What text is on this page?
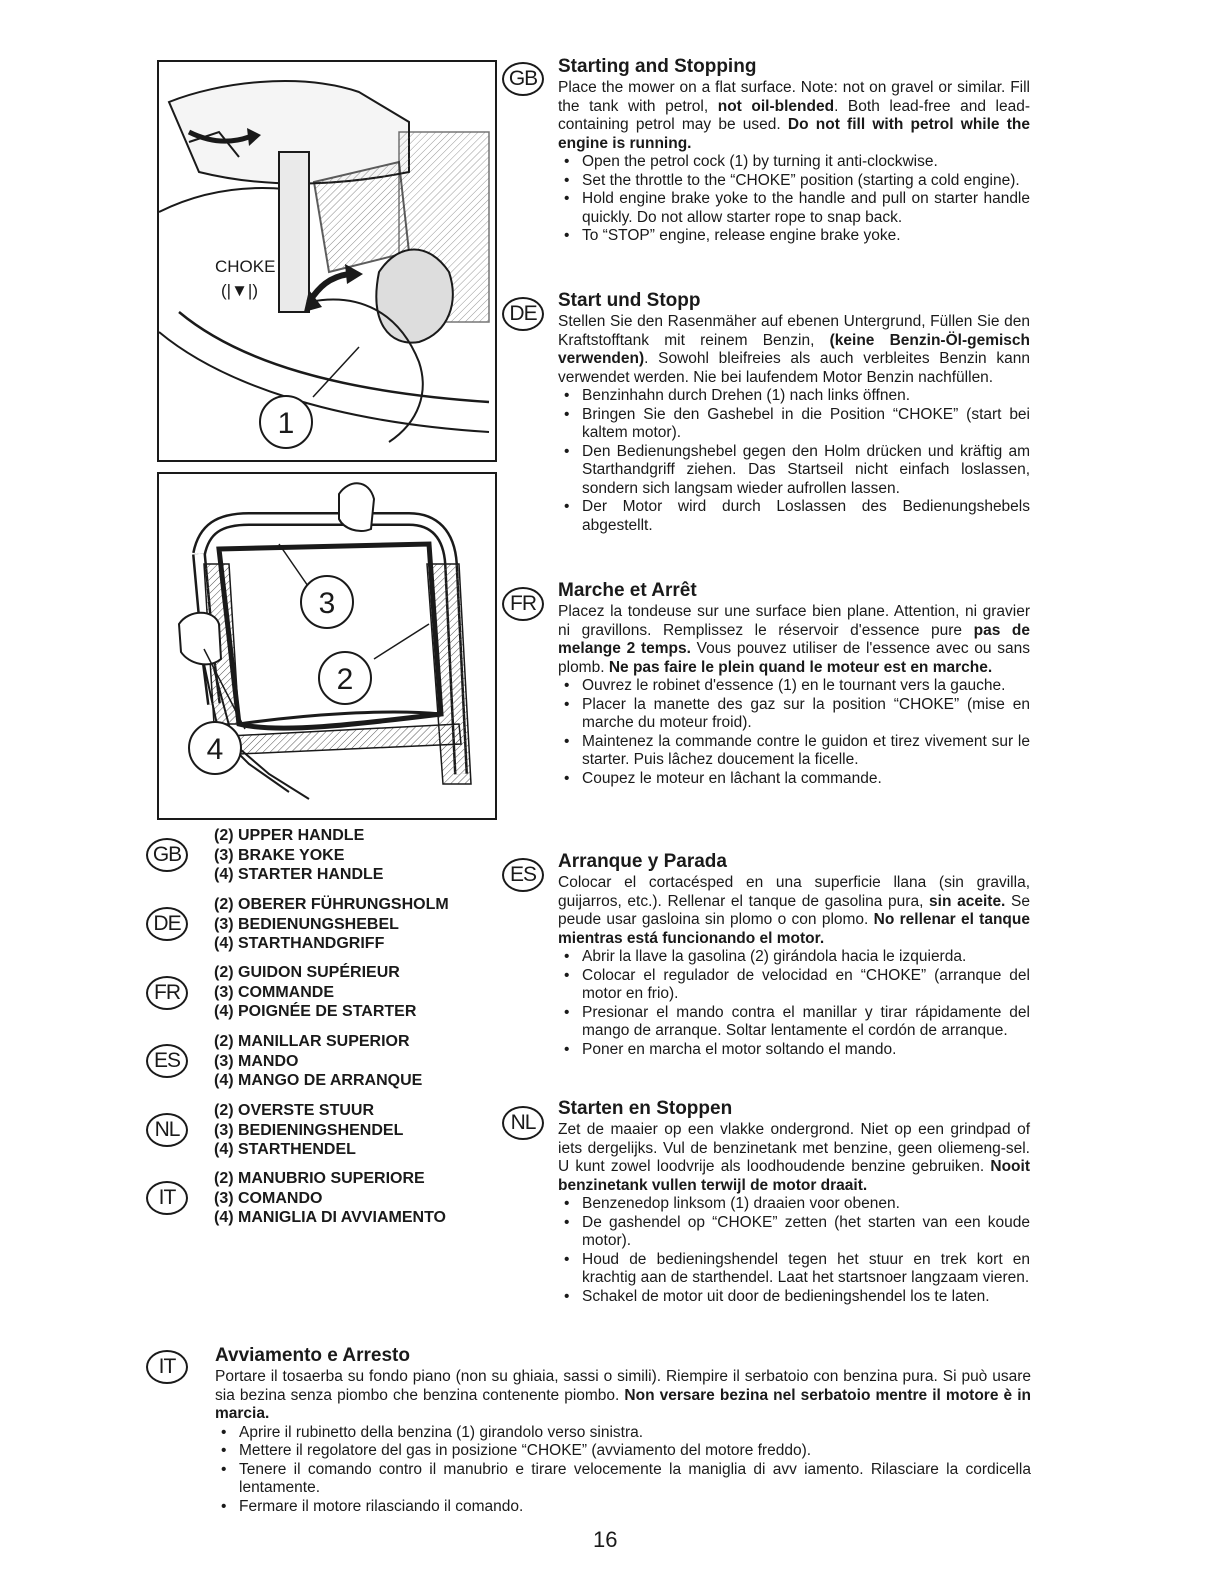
1
CHOKE
(|▼|)
3
2
4
GB
(2) UPPER HANDLE
(3) BRAKE YOKE
(4) STARTER HANDLE
DE
(2) OBERER FÜHRUNGSHOLM
(3) BEDIENUNGSHEBEL
(4) STARTHANDGRIFF
FR
(2) GUIDON SUPÉRIEUR
(3) COMMANDE
(4) POIGNÉE DE STARTER
ES
(2) MANILLAR SUPERIOR
(3) MANDO
(4) MANGO DE ARRANQUE
NL
(2) OVERSTE STUUR
(3) BEDIENINGSHENDEL
(4) STARTHENDEL
IT
(2) MANUBRIO SUPERIORE
(3) COMANDO
(4) MANIGLIA DI AVVIAMENTO
GB
Starting and Stopping

Place the mower on a flat surface. Note: not on gravel or similar. Fill the tank with petrol, not oil-blended. Both lead-free and lead-containing petrol may be used. Do not fill with petrol while the engine is running.

• Open the petrol cock (1) by turning it anti-clockwise.
• Set the throttle to the “CHOKE” position (starting a cold engine).
• Hold engine brake yoke to the handle and pull on starter handle quickly. Do not allow starter rope to snap back.
• To “STOP” engine, release engine brake yoke.
DE
Start und Stopp

Stellen Sie den Rasenmäher auf ebenen Untergrund, Füllen Sie den Kraftstofftank mit reinem Benzin, (keine Benzin-Öl-gemisch verwenden). Sowohl bleifreies als auch verbleites Benzin kann verwendet werden. Nie bei laufendem Motor Benzin nachfüllen.

• Benzinhahn durch Drehen (1) nach links öffnen.
• Bringen Sie den Gashebel in die Position “CHOKE” (start bei kaltem motor).
• Den Bedienungshebel gegen den Holm drücken und kräftig am Starthandgriff ziehen. Das Startseil nicht einfach loslassen, sondern sich langsam wieder aufrollen lassen.
• Der Motor wird durch Loslassen des Bedienungshebels abgestellt.
FR
Marche et Arrêt

Placez la tondeuse sur une surface bien plane. Attention, ni gravier ni gravillons. Remplissez le réservoir d'essence pure pas de melange 2 temps. Vous pouvez utiliser de l'essence avec ou sans plomb. Ne pas faire le plein quand le moteur est en marche.

• Ouvrez le robinet d'essence (1) en le tournant vers la gauche.
• Placer la manette des gaz sur la position “CHOKE” (mise en marche du moteur froid).
• Maintenez la commande contre le guidon et tirez vivement sur le starter. Puis lâchez doucement la ficelle.
• Coupez le moteur en lâchant la commande.
ES
Arranque y Parada

Colocar el cortacésped en una superficie llana (sin gravilla, guijarros, etc.). Rellenar el tanque de gasolina pura, sin aceite. Se peude usar gasloina sin plomo o con plomo. No rellenar el tanque mientras está funcionando el motor.

• Abrir la llave la gasolina (2) girándola hacia le izquierda.
• Colocar el regulador de velocidad en “CHOKE” (arranque del motor en frio).
• Presionar el mando contra el manillar y tirar rápidamente del mango de arranque. Soltar lentamente el cordón de arranque.
• Poner en marcha el motor soltando el mando.
NL
Starten en Stoppen

Zet de maaier op een vlakke ondergrond. Niet op een grindpad of iets dergelijks. Vul de benzinetank met benzine, geen oliemeng-sel. U kunt zowel loodvrije als loodhoudende benzine gebruiken. Nooit benzinetank vullen terwijl de motor draait.

• Benzenedop linksom (1) draaien voor obenen.
• De gashendel op “CHOKE” zetten (het starten van een koude motor).
• Houd de bedieningshendel tegen het stuur en trek kort en krachtig aan de starthendel. Laat het startsnoer langzaam vieren.
• Schakel de motor uit door de bedieningshendel los te laten.
IT	Avviamento e Arresto

Portare il tosaerba su fondo piano (non su ghiaia, sassi o simili). Riempire il serbatoio con benzina pura. Si può usare sia bezina senza piombo che benzina contenente piombo. Non versare bezina nel serbatoio mentre il motore è in marcia.

• Aprire il rubinetto della benzina (1) girandolo verso sinistra.
• Mettere il regolatore del gas in posizione “CHOKE” (avviamento del motore freddo).
• Tenere il comando contro il manubrio e tirare velocemente la maniglia di avv iamento. Rilasciare la cordicella lentamente.
• Fermare il motore rilasciando il comando.
16
